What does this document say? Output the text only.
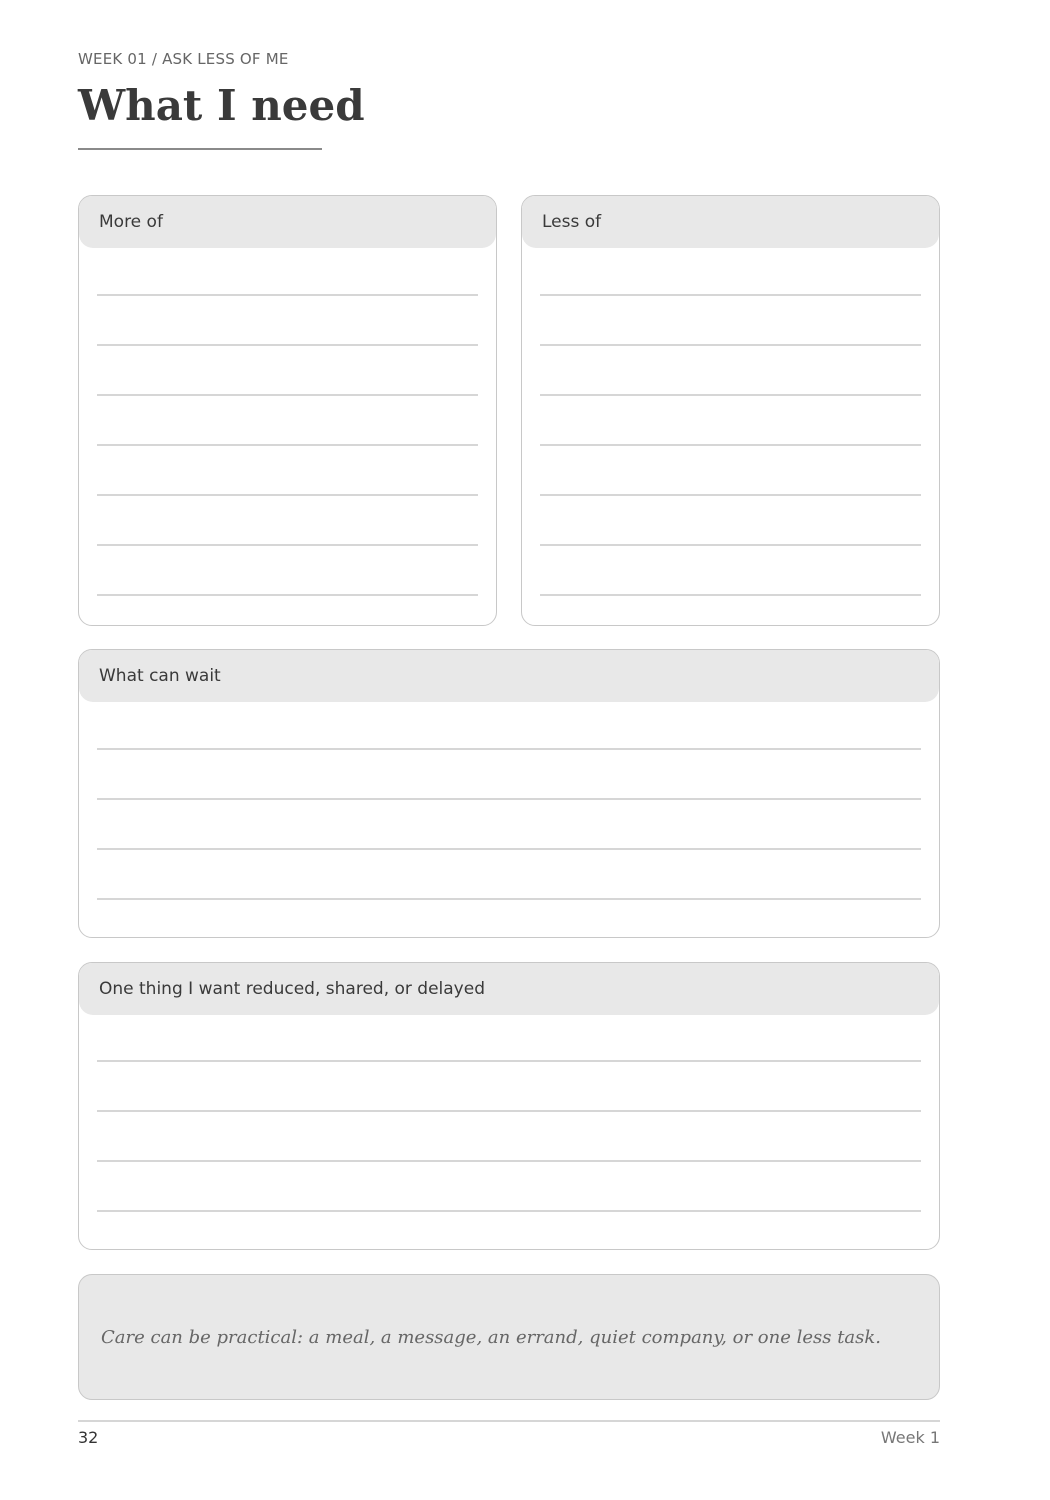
WEEK 01 / ASK LESS OF ME
What I need
More of	Less of
What can wait
One thing I want reduced, shared, or delayed
Care can be practical: a meal, a message, an errand, quiet company, or one less task.
32	Week 1
